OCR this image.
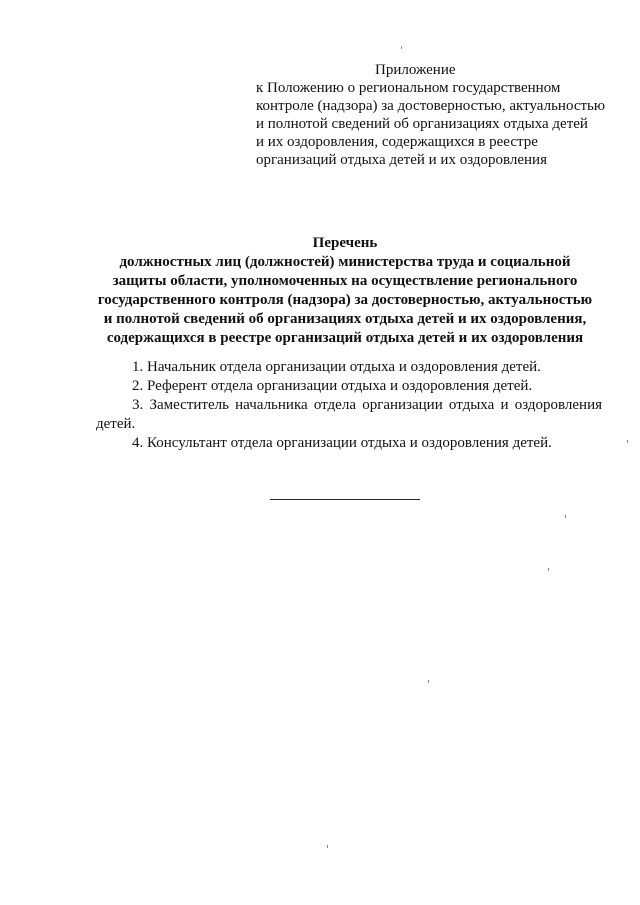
Приложение
к Положению о региональном государственном
контроле (надзора) за достоверностью, актуальностью
и полнотой сведений об организациях отдыха детей
и их оздоровления, содержащихся в реестре
организаций отдыха детей и их оздоровления
Перечень
должностных лиц (должностей) министерства труда и социальной
защиты области, уполномоченных на осуществление регионального
государственного контроля (надзора) за достоверностью, актуальностью
и полнотой сведений об организациях отдыха детей и их оздоровления,
содержащихся в реестре организаций отдыха детей и их оздоровления
1. Начальник отдела организации отдыха и оздоровления детей.
2. Референт отдела организации отдыха и оздоровления детей.
3. Заместитель начальника отдела организации отдыха и оздоровления детей.
4. Консультант отдела организации отдыха и оздоровления детей.
